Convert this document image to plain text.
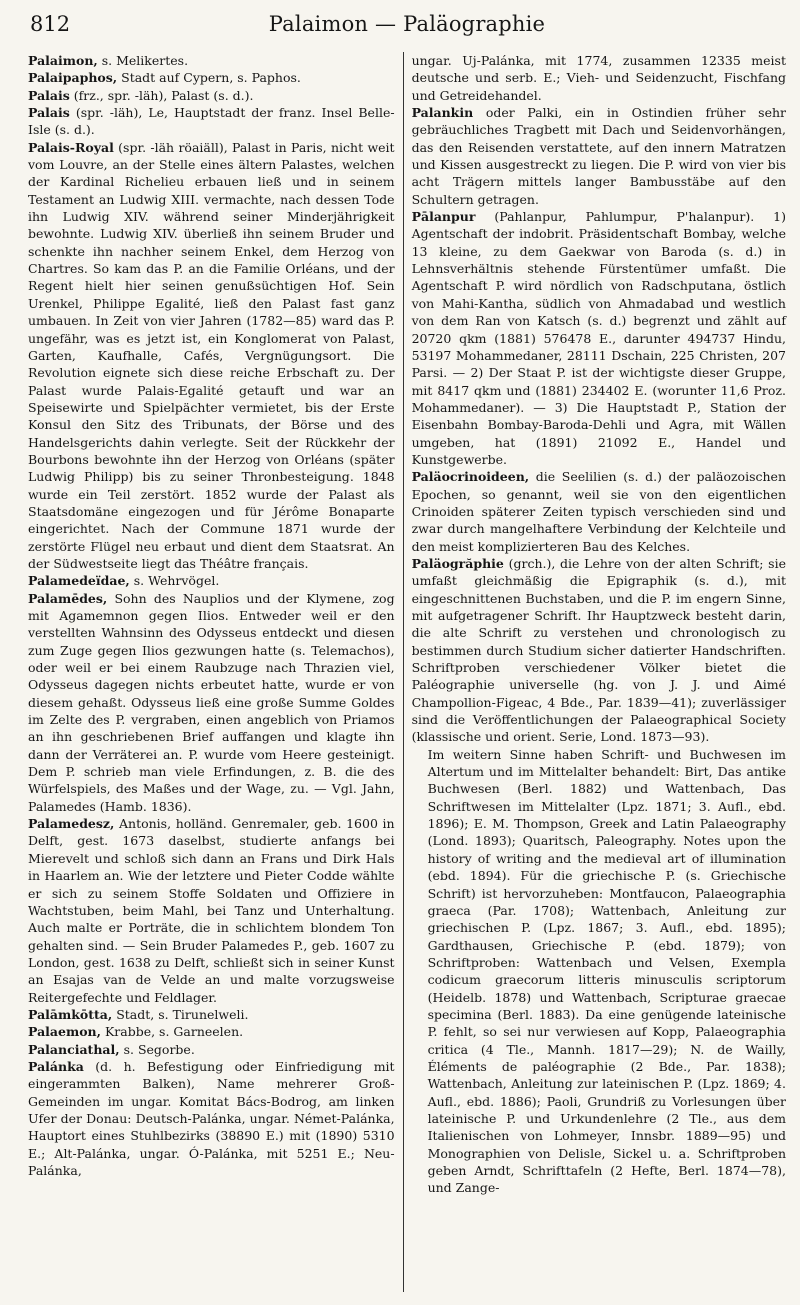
812	Palaimon — Paläographie

Palaimon, s. Melikertes.

Palaipaphos, Stadt auf Cypern, s. Paphos.

Palais (frz., spr. -läh), Palast (s. d.).

Palais (spr. -läh), Le, Hauptstadt der franz. Insel Belle-Isle (s. d.).

Palais-Royal (spr. -läh röaiäll), Palast in Paris, nicht weit vom Louvre, an der Stelle eines ältern Palastes, welchen der Kardinal Richelieu erbauen ließ und in seinem Testament an Ludwig XIII. vermachte, nach dessen Tode ihn Ludwig XIV. während seiner Minderjährigkeit bewohnte. Ludwig XIV. überließ ihn seinem Bruder und schenkte ihn nachher seinem Enkel, dem Herzog von Chartres. So kam das P. an die Familie Orléans, und der Regent hielt hier seinen genußsüchtigen Hof. Sein Urenkel, Philippe Egalité, ließ den Palast fast ganz umbauen. In Zeit von vier Jahren (1782—85) ward das P. ungefähr, was es jetzt ist, ein Konglomerat von Palast, Garten, Kaufhalle, Cafés, Vergnügungsort. Die Revolution eignete sich diese reiche Erbschaft zu. Der Palast wurde Palais-Egalité getauft und war an Speisewirte und Spielpächter vermietet, bis der Erste Konsul den Sitz des Tribunats, der Börse und des Handelsgerichts dahin verlegte. Seit der Rückkehr der Bourbons bewohnte ihn der Herzog von Orléans (später Ludwig Philipp) bis zu seiner Thronbesteigung. 1848 wurde ein Teil zerstört. 1852 wurde der Palast als Staatsdomäne eingezogen und für Jérôme Bonaparte eingerichtet. Nach der Commune 1871 wurde der zerstörte Flügel neu erbaut und dient dem Staatsrat. An der Südwestseite liegt das Théâtre français.

Palamedeïdae, s. Wehrvögel.

Palamēdes, Sohn des Nauplios und der Klymene, zog mit Agamemnon gegen Ilios. Entweder weil er den verstellten Wahnsinn des Odysseus entdeckt und diesen zum Zuge gegen Ilios gezwungen hatte (s. Telemachos), oder weil er bei einem Raubzuge nach Thrazien viel, Odysseus dagegen nichts erbeutet hatte, wurde er von diesem gehaßt. Odysseus ließ eine große Summe Goldes im Zelte des P. vergraben, einen angeblich von Priamos an ihn geschriebenen Brief auffangen und klagte ihn dann der Verräterei an. P. wurde vom Heere gesteinigt. Dem P. schrieb man viele Erfindungen, z. B. die des Würfelspiels, des Maßes und der Wage, zu. — Vgl. Jahn, Palamedes (Hamb. 1836).

Palamedesz, Antonis, holländ. Genremaler, geb. 1600 in Delft, gest. 1673 daselbst, studierte anfangs bei Mierevelt und schloß sich dann an Frans und Dirk Hals in Haarlem an. Wie der letztere und Pieter Codde wählte er sich zu seinem Stoffe Soldaten und Offiziere in Wachtstuben, beim Mahl, bei Tanz und Unterhaltung. Auch malte er Porträte, die in schlichtem blondem Ton gehalten sind. — Sein Bruder Palamedes P., geb. 1607 zu London, gest. 1638 zu Delft, schließt sich in seiner Kunst an Esajas van de Velde an und malte vorzugsweise Reitergefechte und Feldlager.

Palāmkōtta, Stadt, s. Tirunelweli.

Palaemon, Krabbe, s. Garneelen.

Palanciathal, s. Segorbe.

Palánka (d. h. Befestigung oder Einfriedigung mit eingerammten Balken), Name mehrerer Groß-Gemeinden im ungar. Komitat Bács-Bodrog, am linken Ufer der Donau: Deutsch-Palánka, ungar. Német-Palánka, Hauptort eines Stuhlbezirks (38890 E.) mit (1890) 5310 E.; Alt-Palánka, ungar. Ó-Palánka, mit 5251 E.; Neu-Palánka,

ungar. Uj-Palánka, mit 1774, zusammen 12335 meist deutsche und serb. E.; Vieh- und Seidenzucht, Fischfang und Getreidehandel.

Palankin oder Palki, ein in Ostindien früher sehr gebräuchliches Tragbett mit Dach und Seidenvorhängen, das den Reisenden verstattete, auf den innern Matratzen und Kissen ausgestreckt zu liegen. Die P. wird von vier bis acht Trägern mittels langer Bambusstäbe auf den Schultern getragen.

Pālanpur (Pahlanpur, Pahlumpur, P'halanpur). 1) Agentschaft der indobrit. Präsidentschaft Bombay, welche 13 kleine, zu dem Gaekwar von Baroda (s. d.) in Lehnsverhältnis stehende Fürstentümer umfaßt. Die Agentschaft P. wird nördlich von Radschputana, östlich von Mahi-Kantha, südlich von Ahmadabad und westlich von dem Ran von Katsch (s. d.) begrenzt und zählt auf 20720 qkm (1881) 576478 E., darunter 494737 Hindu, 53197 Mohammedaner, 28111 Dschain, 225 Christen, 207 Parsi. — 2) Der Staat P. ist der wichtigste dieser Gruppe, mit 8417 qkm und (1881) 234402 E. (worunter 11,6 Proz. Mohammedaner). — 3) Die Hauptstadt P., Station der Eisenbahn Bombay-Baroda-Dehli und Agra, mit Wällen umgeben, hat (1891) 21092 E., Handel und Kunstgewerbe.

Paläocrinoideen, die Seelilien (s. d.) der paläozoischen Epochen, so genannt, weil sie von den eigentlichen Crinoiden späterer Zeiten typisch verschieden sind und zwar durch mangelhaftere Verbindung der Kelchteile und den meist komplizierteren Bau des Kelches.

Paläogrăphie (grch.), die Lehre von der alten Schrift; sie umfaßt gleichmäßig die Epigraphik (s. d.), mit eingeschnittenen Buchstaben, und die P. im engern Sinne, mit aufgetragener Schrift. Ihr Hauptzweck besteht darin, die alte Schrift zu verstehen und chronologisch zu bestimmen durch Studium sicher datierter Handschriften. Schriftproben verschiedener Völker bietet die Paléographie universelle (hg. von J. J. und Aimé Champollion-Figeac, 4 Bde., Par. 1839—41); zuverlässiger sind die Veröffentlichungen der Palaeographical Society (klassische und orient. Serie, Lond. 1873—93).

Im weitern Sinne haben Schrift- und Buchwesen im Altertum und im Mittelalter behandelt: Birt, Das antike Buchwesen (Berl. 1882) und Wattenbach, Das Schriftwesen im Mittelalter (Lpz. 1871; 3. Aufl., ebd. 1896); E. M. Thompson, Greek and Latin Palaeography (Lond. 1893); Quaritsch, Paleography. Notes upon the history of writing and the medieval art of illumination (ebd. 1894). Für die griechische P. (s. Griechische Schrift) ist hervorzuheben: Montfaucon, Palaeographia graeca (Par. 1708); Wattenbach, Anleitung zur griechischen P. (Lpz. 1867; 3. Aufl., ebd. 1895); Gardthausen, Griechische P. (ebd. 1879); von Schriftproben: Wattenbach und Velsen, Exempla codicum graecorum litteris minusculis scriptorum (Heidelb. 1878) und Wattenbach, Scripturae graecae specimina (Berl. 1883). Da eine genügende lateinische P. fehlt, so sei nur verwiesen auf Kopp, Palaeographia critica (4 Tle., Mannh. 1817—29); N. de Wailly, Éléments de paléographie (2 Bde., Par. 1838); Wattenbach, Anleitung zur lateinischen P. (Lpz. 1869; 4. Aufl., ebd. 1886); Paoli, Grundriß zu Vorlesungen über lateinische P. und Urkundenlehre (2 Tle., aus dem Italienischen von Lohmeyer, Innsbr. 1889—95) und Monographien von Delisle, Sickel u. a. Schriftproben geben Arndt, Schrifttafeln (2 Hefte, Berl. 1874—78), und Zange-
